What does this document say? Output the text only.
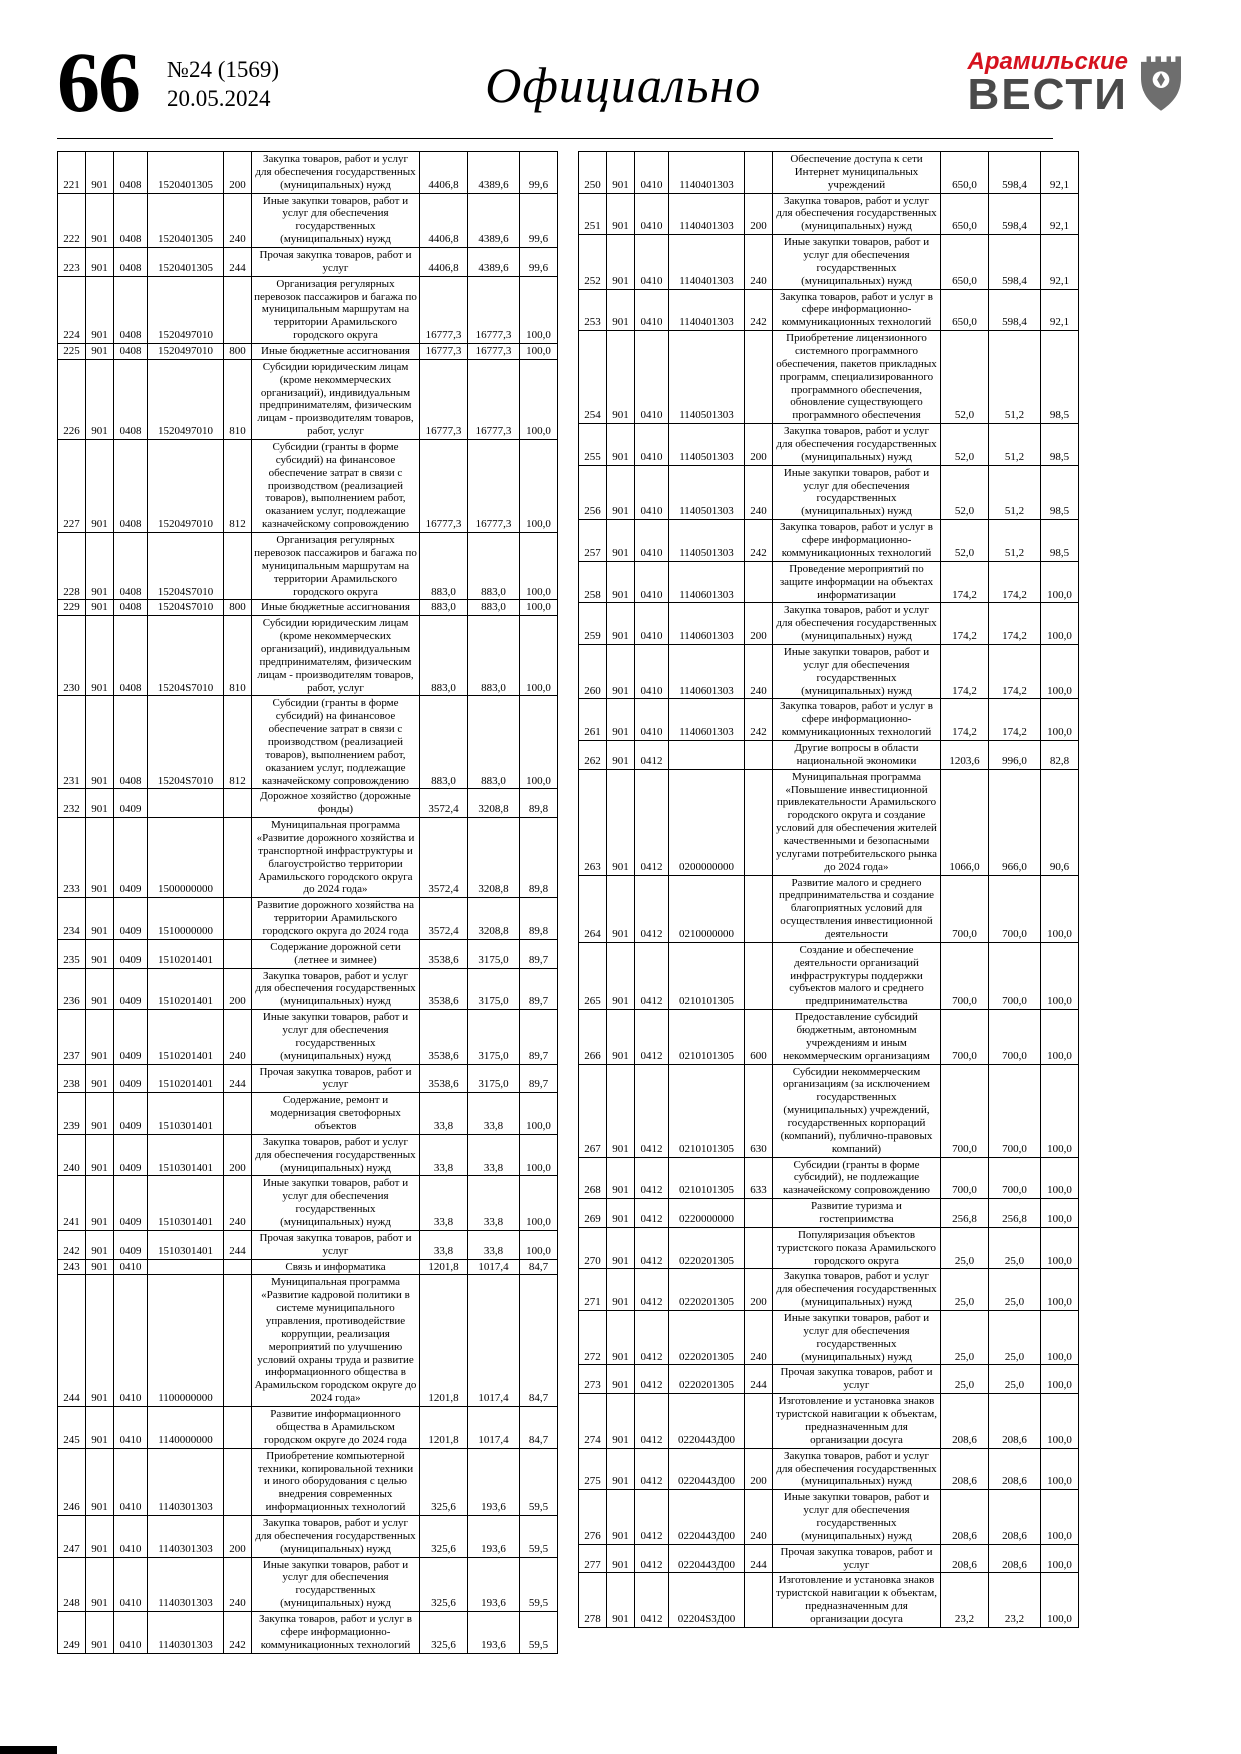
66 №24 (1569)
20.05.2024	Официально	Арамильские
ВЕСТИ
221	901	0408	1520401305	200	Закупка товаров, работ и услуг для обеспечения государственных (муниципальных) нужд	4406,8	4389,6	99,6
222	901	0408	1520401305	240	Иные закупки товаров, работ и услуг для обеспечения государственных (муниципальных) нужд	4406,8	4389,6	99,6
223	901	0408	1520401305	244	Прочая закупка товаров, работ и услуг	4406,8	4389,6	99,6
224	901	0408	1520497010		Организация регулярных перевозок пассажиров и багажа по муниципальным маршрутам на территории Арамильского городского округа	16777,3	16777,3	100,0
225	901	0408	1520497010	800	Иные бюджетные ассигнования	16777,3	16777,3	100,0
226	901	0408	1520497010	810	Субсидии юридическим лицам (кроме некоммерческих организаций), индивидуальным предпринимателям, физическим лицам - производителям товаров, работ, услуг	16777,3	16777,3	100,0
227	901	0408	1520497010	812	Субсидии (гранты в форме субсидий) на финансовое обеспечение затрат в связи с производством (реализацией товаров), выполнением работ, оказанием услуг, подлежащие казначейскому сопровождению	16777,3	16777,3	100,0
228	901	0408	15204S7010		Организация регулярных перевозок пассажиров и багажа по муниципальным маршрутам на территории Арамильского городского округа	883,0	883,0	100,0
229	901	0408	15204S7010	800	Иные бюджетные ассигнования	883,0	883,0	100,0
230	901	0408	15204S7010	810	Субсидии юридическим лицам (кроме некоммерческих организаций), индивидуальным предпринимателям, физическим лицам - производителям товаров, работ, услуг	883,0	883,0	100,0
231	901	0408	15204S7010	812	Субсидии (гранты в форме субсидий) на финансовое обеспечение затрат в связи с производством (реализацией товаров), выполнением работ, оказанием услуг, подлежащие казначейскому сопровождению	883,0	883,0	100,0
232	901	0409			Дорожное хозяйство (дорожные фонды)	3572,4	3208,8	89,8
233	901	0409	1500000000		Муниципальная программа «Развитие дорожного хозяйства и транспортной инфраструктуры и благоустройство территории Арамильского городского округа до 2024 года»	3572,4	3208,8	89,8
234	901	0409	1510000000		Развитие дорожного хозяйства на территории Арамильского городского округа до 2024 года	3572,4	3208,8	89,8
235	901	0409	1510201401		Содержание дорожной сети (летнее и зимнее)	3538,6	3175,0	89,7
236	901	0409	1510201401	200	Закупка товаров, работ и услуг для обеспечения государственных (муниципальных) нужд	3538,6	3175,0	89,7
237	901	0409	1510201401	240	Иные закупки товаров, работ и услуг для обеспечения государственных (муниципальных) нужд	3538,6	3175,0	89,7
238	901	0409	1510201401	244	Прочая закупка товаров, работ и услуг	3538,6	3175,0	89,7
239	901	0409	1510301401		Содержание, ремонт и модернизация светофорных объектов	33,8	33,8	100,0
240	901	0409	1510301401	200	Закупка товаров, работ и услуг для обеспечения государственных (муниципальных) нужд	33,8	33,8	100,0
241	901	0409	1510301401	240	Иные закупки товаров, работ и услуг для обеспечения государственных (муниципальных) нужд	33,8	33,8	100,0
242	901	0409	1510301401	244	Прочая закупка товаров, работ и услуг	33,8	33,8	100,0
243	901	0410			Связь и информатика	1201,8	1017,4	84,7
244	901	0410	1100000000		Муниципальная программа «Развитие кадровой политики в системе муниципального управления, противодействие коррупции, реализация мероприятий по улучшению условий охраны труда и развитие информационного общества в Арамильском городском округе до 2024 года»	1201,8	1017,4	84,7
245	901	0410	1140000000		Развитие информационного общества в Арамильском городском округе до 2024 года	1201,8	1017,4	84,7
246	901	0410	1140301303		Приобретение компьютерной техники, копировальной техники и иного оборудования с целью внедрения современных информационных технологий	325,6	193,6	59,5
247	901	0410	1140301303	200	Закупка товаров, работ и услуг для обеспечения государственных (муниципальных) нужд	325,6	193,6	59,5
248	901	0410	1140301303	240	Иные закупки товаров, работ и услуг для обеспечения государственных (муниципальных) нужд	325,6	193,6	59,5
249	901	0410	1140301303	242	Закупка товаров, работ и услуг в сфере информационно-коммуникационных технологий	325,6	193,6	59,5
250	901	0410	1140401303		Обеспечение доступа к сети Интернет муниципальных учреждений	650,0	598,4	92,1
251	901	0410	1140401303	200	Закупка товаров, работ и услуг для обеспечения государственных (муниципальных) нужд	650,0	598,4	92,1
252	901	0410	1140401303	240	Иные закупки товаров, работ и услуг для обеспечения государственных (муниципальных) нужд	650,0	598,4	92,1
253	901	0410	1140401303	242	Закупка товаров, работ и услуг в сфере информационно-коммуникационных технологий	650,0	598,4	92,1
254	901	0410	1140501303		Приобретение лицензионного системного программного обеспечения, пакетов прикладных программ, специализированного программного обеспечения, обновление существующего программного обеспечения	52,0	51,2	98,5
255	901	0410	1140501303	200	Закупка товаров, работ и услуг для обеспечения государственных (муниципальных) нужд	52,0	51,2	98,5
256	901	0410	1140501303	240	Иные закупки товаров, работ и услуг для обеспечения государственных (муниципальных) нужд	52,0	51,2	98,5
257	901	0410	1140501303	242	Закупка товаров, работ и услуг в сфере информационно-коммуникационных технологий	52,0	51,2	98,5
258	901	0410	1140601303		Проведение мероприятий по защите информации на объектах информатизации	174,2	174,2	100,0
259	901	0410	1140601303	200	Закупка товаров, работ и услуг для обеспечения государственных (муниципальных) нужд	174,2	174,2	100,0
260	901	0410	1140601303	240	Иные закупки товаров, работ и услуг для обеспечения государственных (муниципальных) нужд	174,2	174,2	100,0
261	901	0410	1140601303	242	Закупка товаров, работ и услуг в сфере информационно-коммуникационных технологий	174,2	174,2	100,0
262	901	0412			Другие вопросы в области национальной экономики	1203,6	996,0	82,8
263	901	0412	0200000000		Муниципальная программа «Повышение инвестиционной привлекательности Арамильского городского округа и создание условий для обеспечения жителей качественными и безопасными услугами потребительского рынка до 2024 года»	1066,0	966,0	90,6
264	901	0412	0210000000		Развитие малого и среднего предпринимательства и создание благоприятных условий для осуществления инвестиционной деятельности	700,0	700,0	100,0
265	901	0412	0210101305		Создание и обеспечение деятельности организаций инфраструктуры поддержки субъектов малого и среднего предпринимательства	700,0	700,0	100,0
266	901	0412	0210101305	600	Предоставление субсидий бюджетным, автономным учреждениям и иным некоммерческим организациям	700,0	700,0	100,0
267	901	0412	0210101305	630	Субсидии некоммерческим организациям (за исключением государственных (муниципальных) учреждений, государственных корпораций (компаний), публично-правовых компаний)	700,0	700,0	100,0
268	901	0412	0210101305	633	Субсидии (гранты в форме субсидий), не подлежащие казначейскому сопровождению	700,0	700,0	100,0
269	901	0412	0220000000		Развитие туризма и гостеприимства	256,8	256,8	100,0
270	901	0412	0220201305		Популяризация объектов туристского показа Арамильского городского округа	25,0	25,0	100,0
271	901	0412	0220201305	200	Закупка товаров, работ и услуг для обеспечения государственных (муниципальных) нужд	25,0	25,0	100,0
272	901	0412	0220201305	240	Иные закупки товаров, работ и услуг для обеспечения государственных (муниципальных) нужд	25,0	25,0	100,0
273	901	0412	0220201305	244	Прочая закупка товаров, работ и услуг	25,0	25,0	100,0
274	901	0412	0220443Д00		Изготовление и установка знаков туристской навигации к объектам, предназначенным для организации досуга	208,6	208,6	100,0
275	901	0412	0220443Д00	200	Закупка товаров, работ и услуг для обеспечения государственных (муниципальных) нужд	208,6	208,6	100,0
276	901	0412	0220443Д00	240	Иные закупки товаров, работ и услуг для обеспечения государственных (муниципальных) нужд	208,6	208,6	100,0
277	901	0412	0220443Д00	244	Прочая закупка товаров, работ и услуг	208,6	208,6	100,0
278	901	0412	02204S3Д00		Изготовление и установка знаков туристской навигации к объектам, предназначенным для организации досуга	23,2	23,2	100,0
